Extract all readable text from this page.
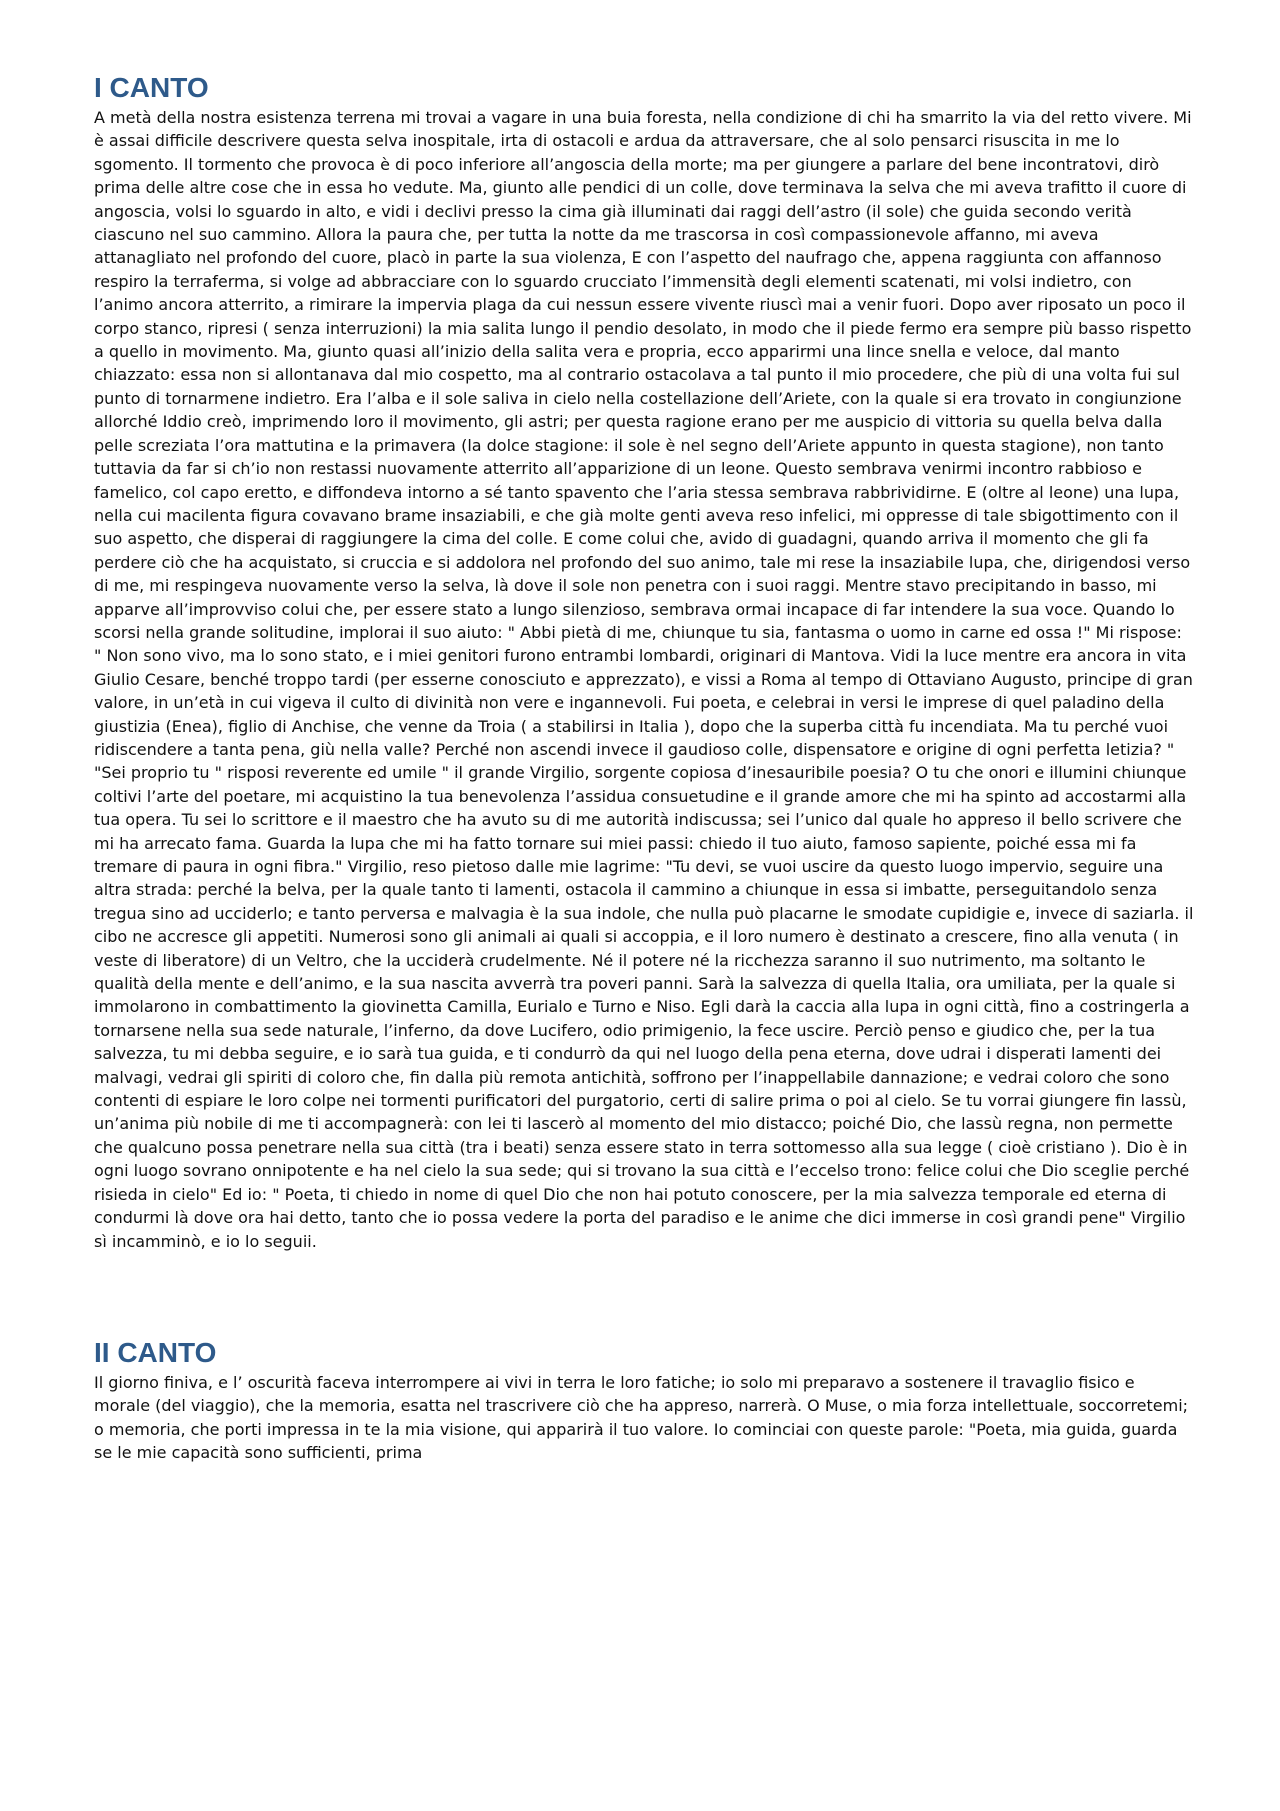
I CANTO

A metà della nostra esistenza terrena mi trovai a vagare in una buia foresta, nella condizione di chi ha smarrito la via del retto vivere. Mi è assai difficile descrivere questa selva inospitale, irta di ostacoli e ardua da attraversare, che al solo pensarci risuscita in me lo sgomento. Il tormento che provoca è di poco inferiore all’angoscia della morte; ma per giungere a parlare del bene incontratovi, dirò prima delle altre cose che in essa ho vedute. Ma, giunto alle pendici di un colle, dove terminava la selva che mi aveva trafitto il cuore di angoscia, volsi lo sguardo in alto, e vidi i declivi presso la cima già illuminati dai raggi dell’astro (il sole) che guida secondo verità ciascuno nel suo cammino. Allora la paura che, per tutta la notte da me trascorsa in così compassionevole affanno, mi aveva attanagliato nel profondo del cuore, placò in parte la sua violenza, E con l’aspetto del naufrago che, appena raggiunta con affannoso respiro la terraferma, si volge ad abbracciare con lo sguardo crucciato l’immensità degli elementi scatenati, mi volsi indietro, con l’animo ancora atterrito, a rimirare la impervia plaga da cui nessun essere vivente riuscì mai a venir fuori. Dopo aver riposato un poco il corpo stanco, ripresi ( senza interruzioni) la mia salita lungo il pendio desolato, in modo che il piede fermo era sempre più basso rispetto a quello in movimento. Ma, giunto quasi all’inizio della salita vera e propria, ecco apparirmi una lince snella e veloce, dal manto chiazzato: essa non si allontanava dal mio cospetto, ma al contrario ostacolava a tal punto il mio procedere, che più di una volta fui sul punto di tornarmene indietro. Era l’alba e il sole saliva in cielo nella costellazione dell’Ariete, con la quale si era trovato in congiunzione allorché Iddio creò, imprimendo loro il movimento, gli astri; per questa ragione erano per me auspicio di vittoria su quella belva dalla pelle screziata l’ora mattutina e la primavera (la dolce stagione: il sole è nel segno dell’Ariete appunto in questa stagione), non tanto tuttavia da far si ch’io non restassi nuovamente atterrito all’apparizione di un leone. Questo sembrava venirmi incontro rabbioso e famelico, col capo eretto, e diffondeva intorno a sé tanto spavento che l’aria stessa sembrava rabbrividirne. E (oltre al leone) una lupa, nella cui macilenta figura covavano brame insaziabili, e che già molte genti aveva reso infelici, mi oppresse di tale sbigottimento con il suo aspetto, che disperai di raggiungere la cima del colle. E come colui che, avido di guadagni, quando arriva il momento che gli fa perdere ciò che ha acquistato, si cruccia e si addolora nel profondo del suo animo, tale mi rese la insaziabile lupa, che, dirigendosi verso di me, mi respingeva nuovamente verso la selva, là dove il sole non penetra con i suoi raggi. Mentre stavo precipitando in basso, mi apparve all’improvviso colui che, per essere stato a lungo silenzioso, sembrava ormai incapace di far intendere la sua voce. Quando lo scorsi nella grande solitudine, implorai il suo aiuto: " Abbi pietà di me, chiunque tu sia, fantasma o uomo in carne ed ossa !" Mi rispose: " Non sono vivo, ma lo sono stato, e i miei genitori furono entrambi lombardi, originari di Mantova. Vidi la luce mentre era ancora in vita Giulio Cesare, benché troppo tardi (per esserne conosciuto e apprezzato), e vissi a Roma al tempo di Ottaviano Augusto, principe di gran valore, in un’età in cui vigeva il culto di divinità non vere e ingannevoli. Fui poeta, e celebrai in versi le imprese di quel paladino della giustizia (Enea), figlio di Anchise, che venne da Troia ( a stabilirsi in Italia ), dopo che la superba città fu incendiata. Ma tu perché vuoi ridiscendere a tanta pena, giù nella valle? Perché non ascendi invece il gaudioso colle, dispensatore e origine di ogni perfetta letizia? " "Sei proprio tu " risposi reverente ed umile " il grande Virgilio, sorgente copiosa d’inesauribile poesia? O tu che onori e illumini chiunque coltivi l’arte del poetare, mi acquistino la tua benevolenza l’assidua consuetudine e il grande amore che mi ha spinto ad accostarmi alla tua opera. Tu sei lo scrittore e il maestro che ha avuto su di me autorità indiscussa; sei l’unico dal quale ho appreso il bello scrivere che mi ha arrecato fama. Guarda la lupa che mi ha fatto tornare sui miei passi: chiedo il tuo aiuto, famoso sapiente, poiché essa mi fa tremare di paura in ogni fibra." Virgilio, reso pietoso dalle mie lagrime: "Tu devi, se vuoi uscire da questo luogo impervio, seguire una altra strada: perché la belva, per la quale tanto ti lamenti, ostacola il cammino a chiunque in essa si imbatte, perseguitandolo senza tregua sino ad ucciderlo; e tanto perversa e malvagia è la sua indole, che nulla può placarne le smodate cupidigie e, invece di saziarla. il cibo ne accresce gli appetiti. Numerosi sono gli animali ai quali si accoppia, e il loro numero è destinato a crescere, fino alla venuta ( in veste di liberatore) di un Veltro, che la ucciderà crudelmente. Né il potere né la ricchezza saranno il suo nutrimento, ma soltanto le qualità della mente e dell’animo, e la sua nascita avverrà tra poveri panni. Sarà la salvezza di quella Italia, ora umiliata, per la quale si immolarono in combattimento la giovinetta Camilla, Eurialo e Turno e Niso. Egli darà la caccia alla lupa in ogni città, fino a costringerla a tornarsene nella sua sede naturale, l’inferno, da dove Lucifero, odio primigenio, la fece uscire. Perciò penso e giudico che, per la tua salvezza, tu mi debba seguire, e io sarà tua guida, e ti condurrò da qui nel luogo della pena eterna, dove udrai i disperati lamenti dei malvagi, vedrai gli spiriti di coloro che, fin dalla più remota antichità, soffrono per l’inappellabile dannazione; e vedrai coloro che sono contenti di espiare le loro colpe nei tormenti purificatori del purgatorio, certi di salire prima o poi al cielo. Se tu vorrai giungere fin lassù, un’anima più nobile di me ti accompagnerà: con lei ti lascerò al momento del mio distacco; poiché Dio, che lassù regna, non permette che qualcuno possa penetrare nella sua città (tra i beati) senza essere stato in terra sottomesso alla sua legge ( cioè cristiano ). Dio è in ogni luogo sovrano onnipotente e ha nel cielo la sua sede; qui si trovano la sua città e l’eccelso trono: felice colui che Dio sceglie perché risieda in cielo" Ed io: " Poeta, ti chiedo in nome di quel Dio che non hai potuto conoscere, per la mia salvezza temporale ed eterna di condurmi là dove ora hai detto, tanto che io possa vedere la porta del paradiso e le anime che dici immerse in così grandi pene" Virgilio sì incamminò, e io lo seguii.

II CANTO

Il giorno finiva, e l’ oscurità faceva interrompere ai vivi in terra le loro fatiche; io solo mi preparavo a sostenere il travaglio fisico e morale (del viaggio), che la memoria, esatta nel trascrivere ciò che ha appreso, narrerà. O Muse, o mia forza intellettuale, soccorretemi; o memoria, che porti impressa in te la mia visione, qui apparirà il tuo valore. Io cominciai con queste parole: "Poeta, mia guida, guarda se le mie capacità sono sufficienti, prima
